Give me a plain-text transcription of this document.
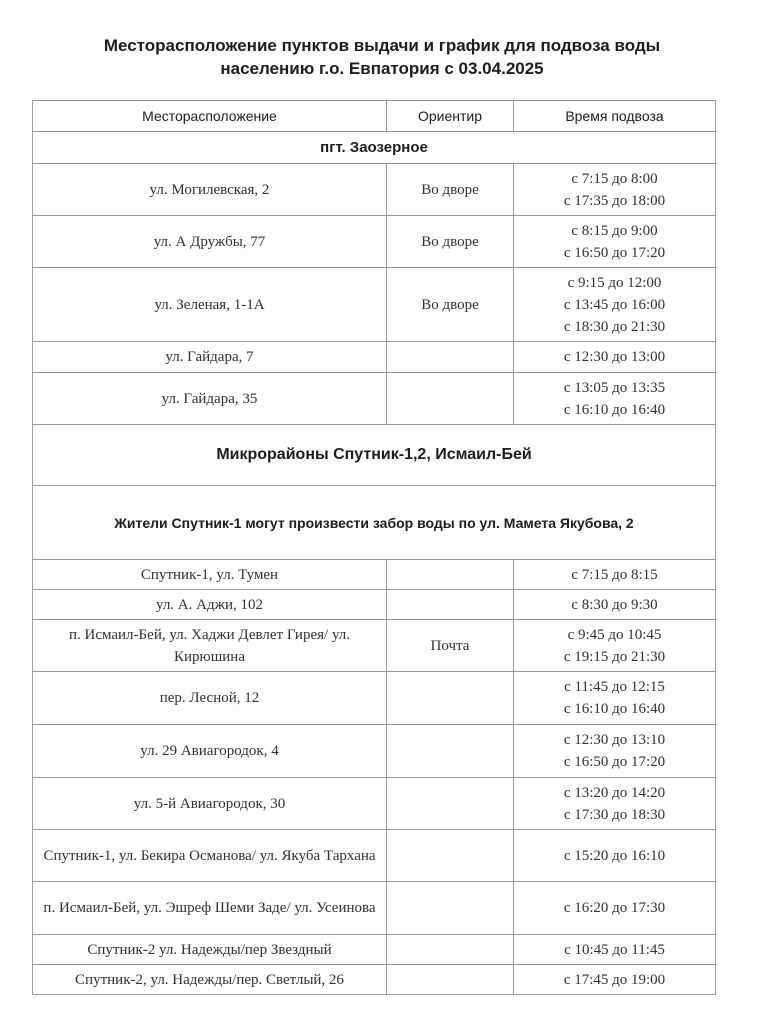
Месторасположение пунктов выдачи и график для подвоза воды
населению г.о. Евпатория с 03.04.2025
Месторасположение	Ориентир	Время подвоза
пгт. Заозерное		
ул. Могилевская, 2	Во дворе	с 7:15 до 8:00
с 17:35 до 18:00

ул. А Дружбы, 77	Во дворе	с 8:15 до 9:00
с 16:50 до 17:20

ул. Зеленая, 1-1А	Во дворе	с 9:15 до 12:00
с 13:45 до 16:00
с 18:30 до 21:30

ул. Гайдара, 7		с 12:30 до 13:00

ул. Гайдара, 35		с 13:05 до 13:35
с 16:10 до 16:40

Микрорайоны Спутник-1,2, Исмаил-Бей		
Жители Спутник-1 могут произвести забор воды по ул. Мамета Якубова, 2		
Спутник-1, ул. Тумен		с 7:15 до 8:15

ул. А. Аджи, 102		с 8:30 до 9:30

п. Исмаил-Бей, ул. Хаджи Девлет Гирея/ ул. Кирюшина	Почта	с 9:45 до 10:45
с 19:15 до 21:30

пер. Лесной, 12		с 11:45 до 12:15
с 16:10 до 16:40

ул. 29 Авиагородок, 4		с 12:30 до 13:10
с 16:50 до 17:20

ул. 5-й Авиагородок, 30		с 13:20 до 14:20
с 17:30 до 18:30

Спутник-1, ул. Бекира Османова/ ул. Якуба Тархана		с 15:20 до 16:10

п. Исмаил-Бей, ул. Эшреф Шеми Заде/ ул. Усеинова		с 16:20 до 17:30

Спутник-2 ул. Надежды/пер Звездный		с 10:45 до 11:45

Спутник-2, ул. Надежды/пер. Светлый, 26		с 17:45 до 19:00
